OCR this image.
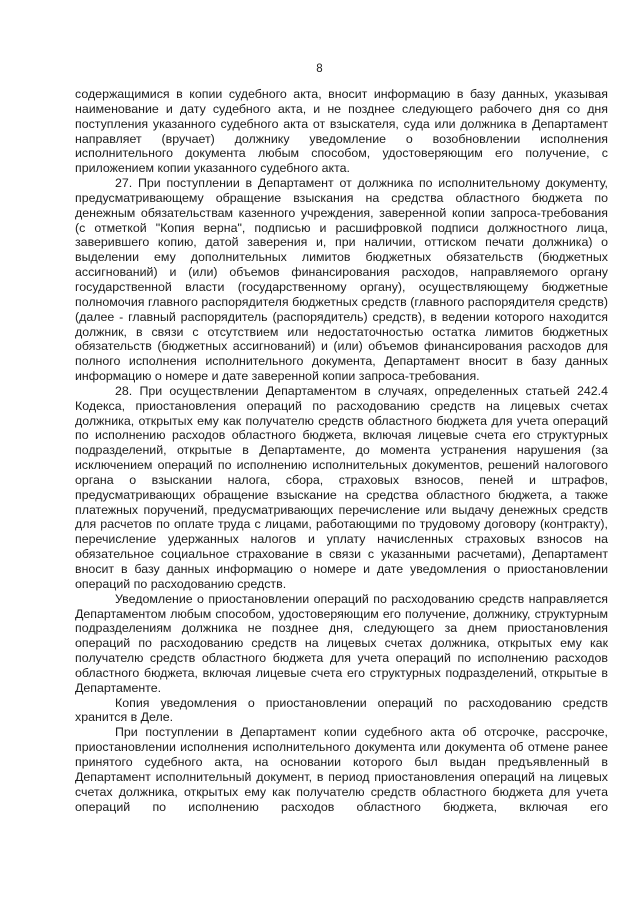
8

содержащимися в копии судебного акта, вносит информацию в базу данных, указывая наименование и дату судебного акта, и не позднее следующего рабочего дня со дня поступления указанного судебного акта от взыскателя, суда или должника в Департамент направляет (вручает) должнику уведомление о возобновлении исполнения исполнительного документа любым способом, удостоверяющим его получение, с приложением копии указанного судебного акта.

27. При поступлении в Департамент от должника по исполнительному документу, предусматривающему обращение взыскания на средства областного бюджета по денежным обязательствам казенного учреждения, заверенной копии запроса-требования (с отметкой "Копия верна", подписью и расшифровкой подписи должностного лица, заверившего копию, датой заверения и, при наличии, оттиском печати должника) о выделении ему дополнительных лимитов бюджетных обязательств (бюджетных ассигнований) и (или) объемов финансирования расходов, направляемого органу государственной власти (государственному органу), осуществляющему бюджетные полномочия главного распорядителя бюджетных средств (главного распорядителя средств) (далее - главный распорядитель (распорядитель) средств), в ведении которого находится должник, в связи с отсутствием или недостаточностью остатка лимитов бюджетных обязательств (бюджетных ассигнований) и (или) объемов финансирования расходов для полного исполнения исполнительного документа, Департамент вносит в базу данных информацию о номере и дате заверенной копии запроса-требования.

28. При осуществлении Департаментом в случаях, определенных статьей 242.4 Кодекса, приостановления операций по расходованию средств на лицевых счетах должника, открытых ему как получателю средств областного бюджета для учета операций по исполнению расходов областного бюджета, включая лицевые счета его структурных подразделений, открытые в Департаменте, до момента устранения нарушения (за исключением операций по исполнению исполнительных документов, решений налогового органа о взыскании налога, сбора, страховых взносов, пеней и штрафов, предусматривающих обращение взыскание на средства областного бюджета, а также платежных поручений, предусматривающих перечисление или выдачу денежных средств для расчетов по оплате труда с лицами, работающими по трудовому договору (контракту), перечисление удержанных налогов и уплату начисленных страховых взносов на обязательное социальное страхование в связи с указанными расчетами), Департамент вносит в базу данных информацию о номере и дате уведомления о приостановлении операций по расходованию средств.

Уведомление о приостановлении операций по расходованию средств направляется Департаментом любым способом, удостоверяющим его получение, должнику, структурным подразделениям должника не позднее дня, следующего за днем приостановления операций по расходованию средств на лицевых счетах должника, открытых ему как получателю средств областного бюджета для учета операций по исполнению расходов областного бюджета, включая лицевые счета его структурных подразделений, открытые в Департаменте.

Копия уведомления о приостановлении операций по расходованию средств хранится в Деле.

При поступлении в Департамент копии судебного акта об отсрочке, рассрочке, приостановлении исполнения исполнительного документа или документа об отмене ранее принятого судебного акта, на основании которого был выдан предъявленный в Департамент исполнительный документ, в период приостановления операций на лицевых счетах должника, открытых ему как получателю средств областного бюджета для учета операций по исполнению расходов областного бюджета, включая его
